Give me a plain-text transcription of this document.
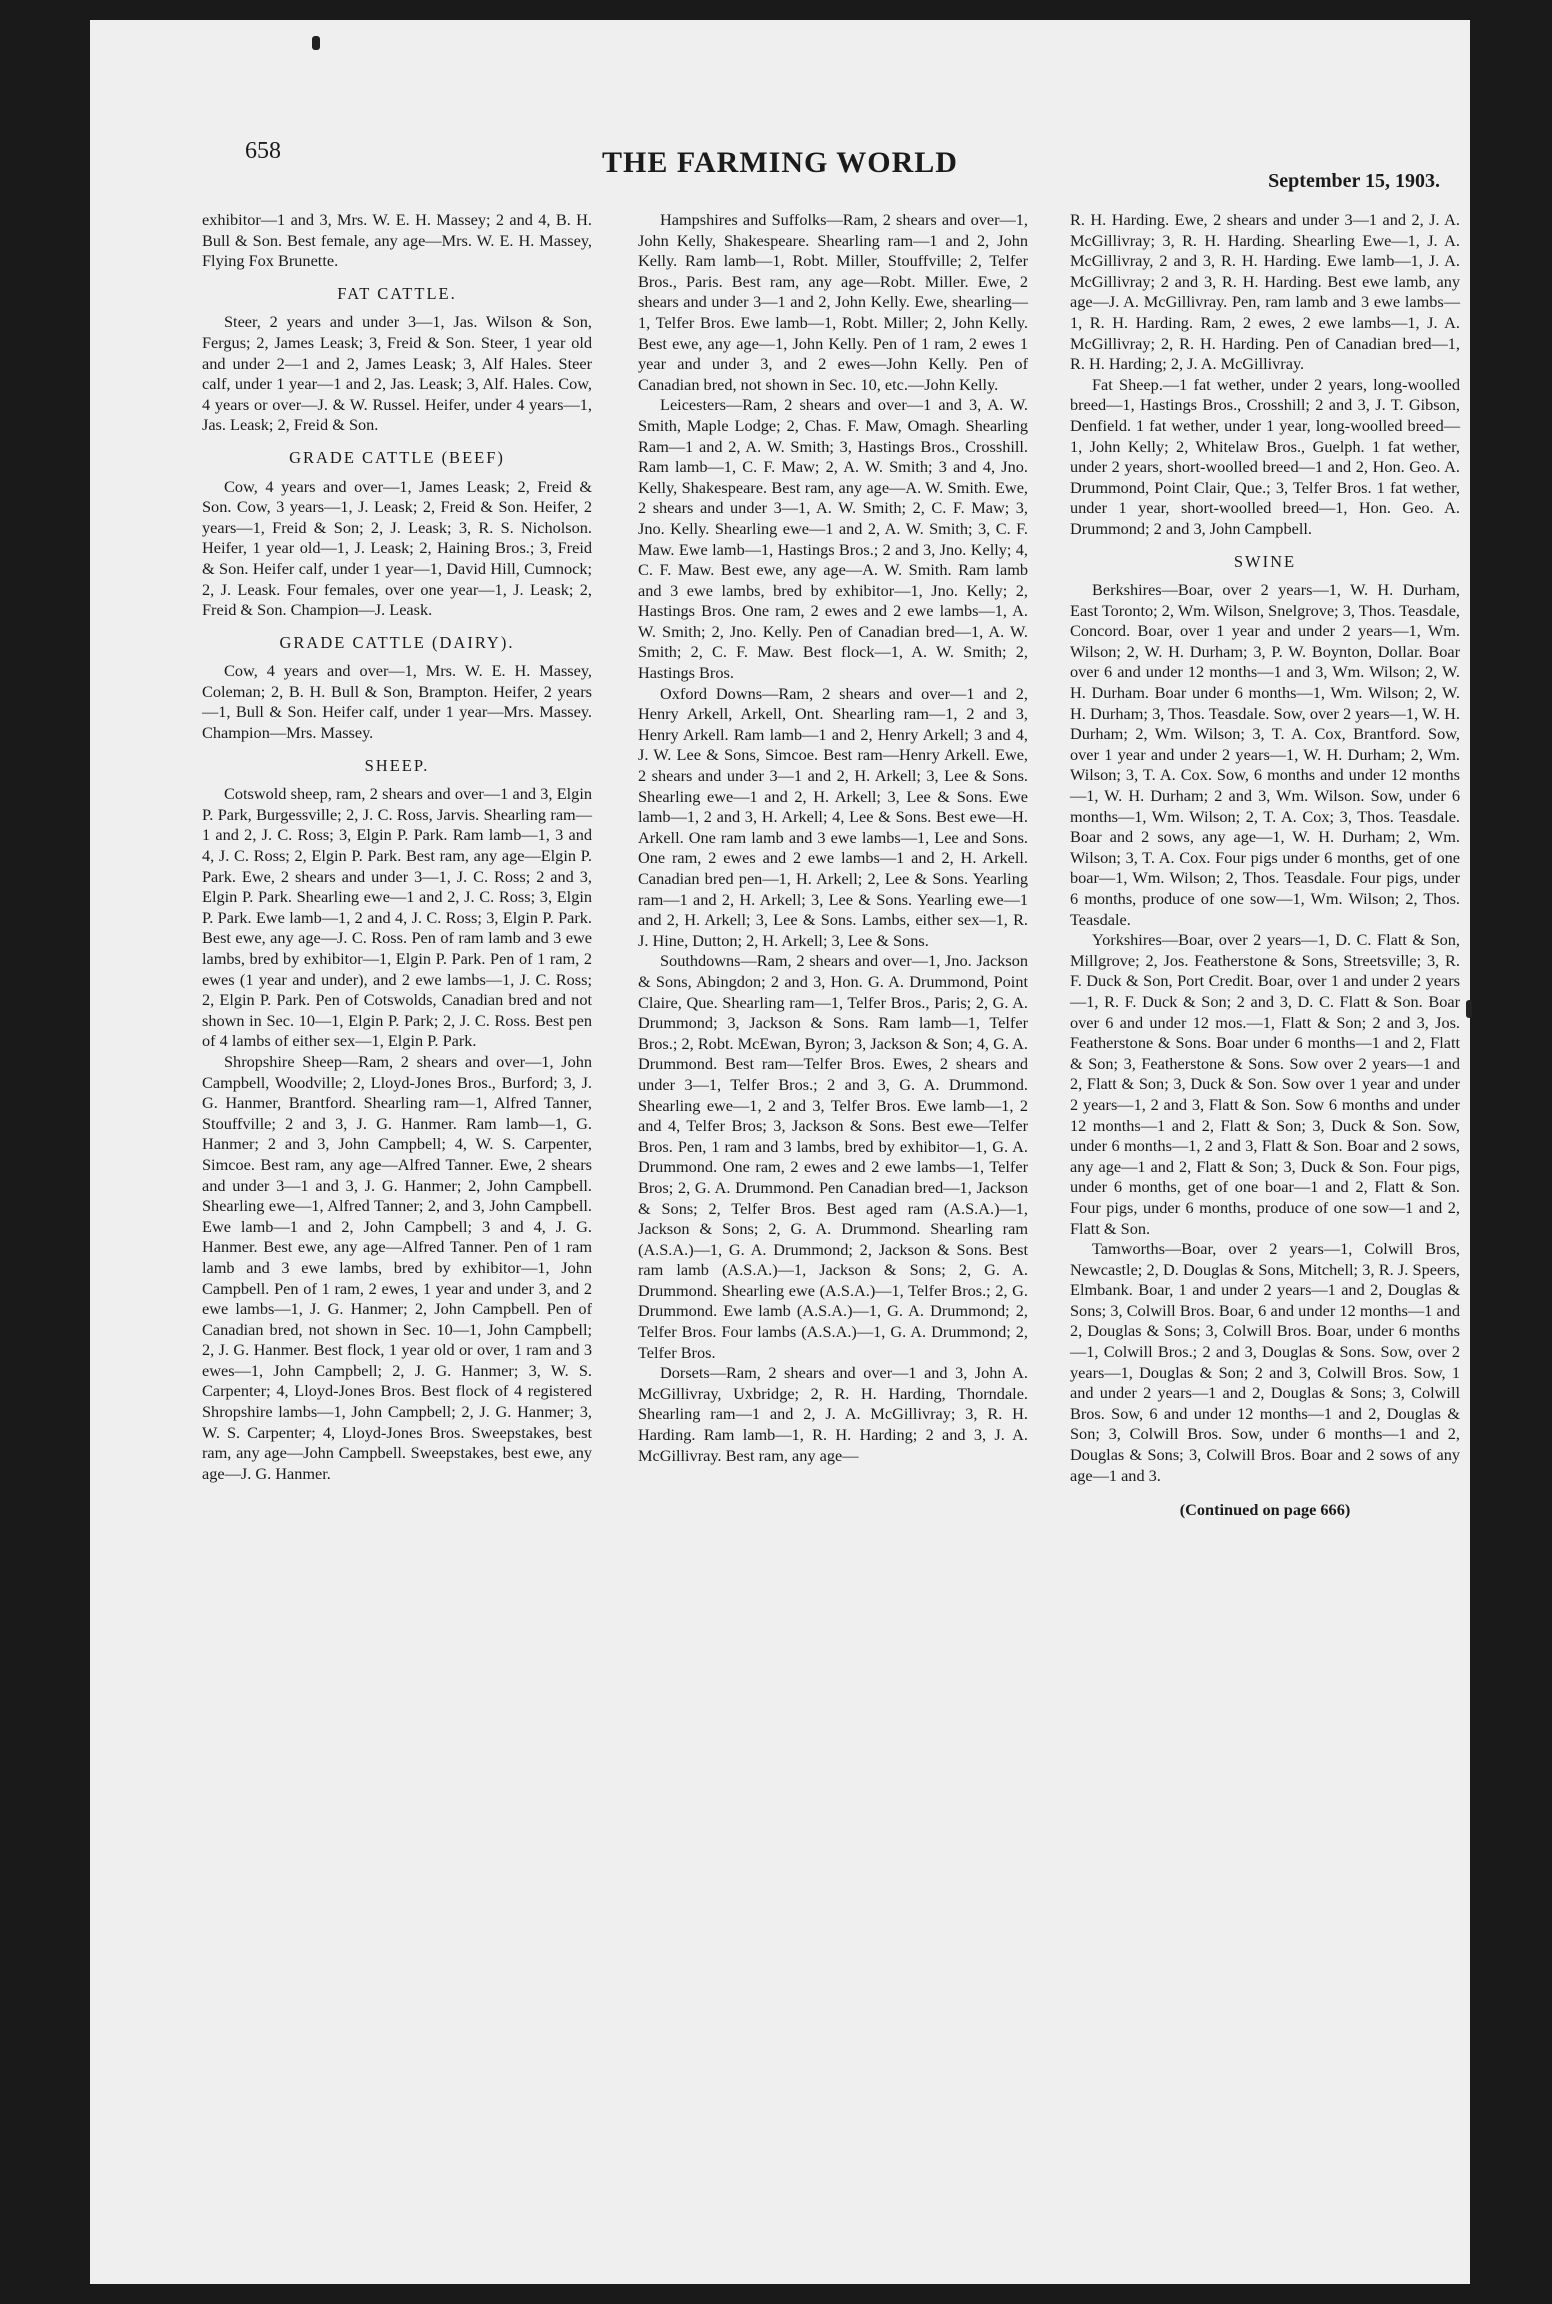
658	THE FARMING WORLD
September 15, 1903.

exhibitor—1 and 3, Mrs. W. E. H. Massey; 2 and 4, B. H. Bull & Son. Best female, any age—Mrs. W. E. H. Massey, Flying Fox Brunette.

FAT CATTLE.

Steer, 2 years and under 3—1, Jas. Wilson & Son, Fergus; 2, James Leask; 3, Freid & Son. Steer, 1 year old and under 2—1 and 2, James Leask; 3, Alf Hales. Steer calf, under 1 year—1 and 2, Jas. Leask; 3, Alf. Hales. Cow, 4 years or over—J. & W. Russel. Heifer, under 4 years—1, Jas. Leask; 2, Freid & Son.

GRADE CATTLE (BEEF)

Cow, 4 years and over—1, James Leask; 2, Freid & Son. Cow, 3 years—1, J. Leask; 2, Freid & Son. Heifer, 2 years—1, Freid & Son; 2, J. Leask; 3, R. S. Nicholson. Heifer, 1 year old—1, J. Leask; 2, Haining Bros.; 3, Freid & Son. Heifer calf, under 1 year—1, David Hill, Cumnock; 2, J. Leask. Four females, over one year—1, J. Leask; 2, Freid & Son. Champion—J. Leask.

GRADE CATTLE (DAIRY).

Cow, 4 years and over—1, Mrs. W. E. H. Massey, Coleman; 2, B. H. Bull & Son, Brampton. Heifer, 2 years—1, Bull & Son. Heifer calf, under 1 year—Mrs. Massey. Champion—Mrs. Massey.

SHEEP.

Cotswold sheep, ram, 2 shears and over—1 and 3, Elgin P. Park, Burgessville; 2, J. C. Ross, Jarvis. Shearling ram—1 and 2, J. C. Ross; 3, Elgin P. Park. Ram lamb—1, 3 and 4, J. C. Ross; 2, Elgin P. Park. Best ram, any age—Elgin P. Park. Ewe, 2 shears and under 3—1, J. C. Ross; 2 and 3, Elgin P. Park. Shearling ewe—1 and 2, J. C. Ross; 3, Elgin P. Park. Ewe lamb—1, 2 and 4, J. C. Ross; 3, Elgin P. Park. Best ewe, any age—J. C. Ross. Pen of ram lamb and 3 ewe lambs, bred by exhibitor—1, Elgin P. Park. Pen of 1 ram, 2 ewes (1 year and under), and 2 ewe lambs—1, J. C. Ross; 2, Elgin P. Park. Pen of Cotswolds, Canadian bred and not shown in Sec. 10—1, Elgin P. Park; 2, J. C. Ross. Best pen of 4 lambs of either sex—1, Elgin P. Park.

Shropshire Sheep—Ram, 2 shears and over—1, John Campbell, Woodville; 2, Lloyd-Jones Bros., Burford; 3, J. G. Hanmer, Brantford. Shearling ram—1, Alfred Tanner, Stouffville; 2 and 3, J. G. Hanmer. Ram lamb—1, G. Hanmer; 2 and 3, John Campbell; 4, W. S. Carpenter, Simcoe. Best ram, any age—Alfred Tanner. Ewe, 2 shears and under 3—1 and 3, J. G. Hanmer; 2, John Campbell. Shearling ewe—1, Alfred Tanner; 2, and 3, John Campbell. Ewe lamb—1 and 2, John Campbell; 3 and 4, J. G. Hanmer. Best ewe, any age—Alfred Tanner. Pen of 1 ram lamb and 3 ewe lambs, bred by exhibitor—1, John Campbell. Pen of 1 ram, 2 ewes, 1 year and under 3, and 2 ewe lambs—1, J. G. Hanmer; 2, John Campbell. Pen of Canadian bred, not shown in Sec. 10—1, John Campbell; 2, J. G. Hanmer. Best flock, 1 year old or over, 1 ram and 3 ewes—1, John Campbell; 2, J. G. Hanmer; 3, W. S. Carpenter; 4, Lloyd-Jones Bros. Best flock of 4 registered Shropshire lambs—1, John Campbell; 2, J. G. Hanmer; 3, W. S. Carpenter; 4, Lloyd-Jones Bros. Sweepstakes, best ram, any age—John Campbell. Sweepstakes, best ewe, any age—J. G. Hanmer.

Hampshires and Suffolks—Ram, 2 shears and over—1, John Kelly, Shakespeare. Shearling ram—1 and 2, John Kelly. Ram lamb—1, Robt. Miller, Stouffville; 2, Telfer Bros., Paris. Best ram, any age—Robt. Miller. Ewe, 2 shears and under 3—1 and 2, John Kelly. Ewe, shearling—1, Telfer Bros. Ewe lamb—1, Robt. Miller; 2, John Kelly. Best ewe, any age—1, John Kelly. Pen of 1 ram, 2 ewes 1 year and under 3, and 2 ewes—John Kelly. Pen of Canadian bred, not shown in Sec. 10, etc.—John Kelly.

Leicesters—Ram, 2 shears and over—1 and 3, A. W. Smith, Maple Lodge; 2, Chas. F. Maw, Omagh. Shearling Ram—1 and 2, A. W. Smith; 3, Hastings Bros., Crosshill. Ram lamb—1, C. F. Maw; 2, A. W. Smith; 3 and 4, Jno. Kelly, Shakespeare. Best ram, any age—A. W. Smith. Ewe, 2 shears and under 3—1, A. W. Smith; 2, C. F. Maw; 3, Jno. Kelly. Shearling ewe—1 and 2, A. W. Smith; 3, C. F. Maw. Ewe lamb—1, Hastings Bros.; 2 and 3, Jno. Kelly; 4, C. F. Maw. Best ewe, any age—A. W. Smith. Ram lamb and 3 ewe lambs, bred by exhibitor—1, Jno. Kelly; 2, Hastings Bros. One ram, 2 ewes and 2 ewe lambs—1, A. W. Smith; 2, Jno. Kelly. Pen of Canadian bred—1, A. W. Smith; 2, C. F. Maw. Best flock—1, A. W. Smith; 2, Hastings Bros.

Oxford Downs—Ram, 2 shears and over—1 and 2, Henry Arkell, Arkell, Ont. Shearling ram—1, 2 and 3, Henry Arkell. Ram lamb—1 and 2, Henry Arkell; 3 and 4, J. W. Lee & Sons, Simcoe. Best ram—Henry Arkell. Ewe, 2 shears and under 3—1 and 2, H. Arkell; 3, Lee & Sons. Shearling ewe—1 and 2, H. Arkell; 3, Lee & Sons. Ewe lamb—1, 2 and 3, H. Arkell; 4, Lee & Sons. Best ewe—H. Arkell. One ram lamb and 3 ewe lambs—1, Lee and Sons. One ram, 2 ewes and 2 ewe lambs—1 and 2, H. Arkell. Canadian bred pen—1, H. Arkell; 2, Lee & Sons. Yearling ram—1 and 2, H. Arkell; 3, Lee & Sons. Yearling ewe—1 and 2, H. Arkell; 3, Lee & Sons. Lambs, either sex—1, R. J. Hine, Dutton; 2, H. Arkell; 3, Lee & Sons.

Southdowns—Ram, 2 shears and over—1, Jno. Jackson & Sons, Abingdon; 2 and 3, Hon. G. A. Drummond, Point Claire, Que. Shearling ram—1, Telfer Bros., Paris; 2, G. A. Drummond; 3, Jackson & Sons. Ram lamb—1, Telfer Bros.; 2, Robt. McEwan, Byron; 3, Jackson & Son; 4, G. A. Drummond. Best ram—Telfer Bros. Ewes, 2 shears and under 3—1, Telfer Bros.; 2 and 3, G. A. Drummond. Shearling ewe—1, 2 and 3, Telfer Bros. Ewe lamb—1, 2 and 4, Telfer Bros; 3, Jackson & Sons. Best ewe—Telfer Bros. Pen, 1 ram and 3 lambs, bred by exhibitor—1, G. A. Drummond. One ram, 2 ewes and 2 ewe lambs—1, Telfer Bros; 2, G. A. Drummond. Pen Canadian bred—1, Jackson & Sons; 2, Telfer Bros. Best aged ram (A.S.A.)—1, Jackson & Sons; 2, G. A. Drummond. Shearling ram (A.S.A.)—1, G. A. Drummond; 2, Jackson & Sons. Best ram lamb (A.S.A.)—1, Jackson & Sons; 2, G. A. Drummond. Shearling ewe (A.S.A.)—1, Telfer Bros.; 2, G. Drummond. Ewe lamb (A.S.A.)—1, G. A. Drummond; 2, Telfer Bros. Four lambs (A.S.A.)—1, G. A. Drummond; 2, Telfer Bros.

Dorsets—Ram, 2 shears and over—1 and 3, John A. McGillivray, Uxbridge; 2, R. H. Harding, Thorndale. Shearling ram—1 and 2, J. A. McGillivray; 3, R. H. Harding. Ram lamb—1, R. H. Harding; 2 and 3, J. A. McGillivray. Best ram, any age—

R. H. Harding. Ewe, 2 shears and under 3—1 and 2, J. A. McGillivray; 3, R. H. Harding. Shearling Ewe—1, J. A. McGillivray, 2 and 3, R. H. Harding. Ewe lamb—1, J. A. McGillivray; 2 and 3, R. H. Harding. Best ewe lamb, any age—J. A. McGillivray. Pen, ram lamb and 3 ewe lambs—1, R. H. Harding. Ram, 2 ewes, 2 ewe lambs—1, J. A. McGillivray; 2, R. H. Harding. Pen of Canadian bred—1, R. H. Harding; 2, J. A. McGillivray.

Fat Sheep.—1 fat wether, under 2 years, long-woolled breed—1, Hastings Bros., Crosshill; 2 and 3, J. T. Gibson, Denfield. 1 fat wether, under 1 year, long-woolled breed—1, John Kelly; 2, Whitelaw Bros., Guelph. 1 fat wether, under 2 years, short-woolled breed—1 and 2, Hon. Geo. A. Drummond, Point Clair, Que.; 3, Telfer Bros. 1 fat wether, under 1 year, short-woolled breed—1, Hon. Geo. A. Drummond; 2 and 3, John Campbell.

SWINE

Berkshires—Boar, over 2 years—1, W. H. Durham, East Toronto; 2, Wm. Wilson, Snelgrove; 3, Thos. Teasdale, Concord. Boar, over 1 year and under 2 years—1, Wm. Wilson; 2, W. H. Durham; 3, P. W. Boynton, Dollar. Boar over 6 and under 12 months—1 and 3, Wm. Wilson; 2, W. H. Durham. Boar under 6 months—1, Wm. Wilson; 2, W. H. Durham; 3, Thos. Teasdale. Sow, over 2 years—1, W. H. Durham; 2, Wm. Wilson; 3, T. A. Cox, Brantford. Sow, over 1 year and under 2 years—1, W. H. Durham; 2, Wm. Wilson; 3, T. A. Cox. Sow, 6 months and under 12 months—1, W. H. Durham; 2 and 3, Wm. Wilson. Sow, under 6 months—1, Wm. Wilson; 2, T. A. Cox; 3, Thos. Teasdale. Boar and 2 sows, any age—1, W. H. Durham; 2, Wm. Wilson; 3, T. A. Cox. Four pigs under 6 months, get of one boar—1, Wm. Wilson; 2, Thos. Teasdale. Four pigs, under 6 months, produce of one sow—1, Wm. Wilson; 2, Thos. Teasdale.

Yorkshires—Boar, over 2 years—1, D. C. Flatt & Son, Millgrove; 2, Jos. Featherstone & Sons, Streetsville; 3, R. F. Duck & Son, Port Credit. Boar, over 1 and under 2 years—1, R. F. Duck & Son; 2 and 3, D. C. Flatt & Son. Boar over 6 and under 12 mos.—1, Flatt & Son; 2 and 3, Jos. Featherstone & Sons. Boar under 6 months—1 and 2, Flatt & Son; 3, Featherstone & Sons. Sow over 2 years—1 and 2, Flatt & Son; 3, Duck & Son. Sow over 1 year and under 2 years—1, 2 and 3, Flatt & Son. Sow 6 months and under 12 months—1 and 2, Flatt & Son; 3, Duck & Son. Sow, under 6 months—1, 2 and 3, Flatt & Son. Boar and 2 sows, any age—1 and 2, Flatt & Son; 3, Duck & Son. Four pigs, under 6 months, get of one boar—1 and 2, Flatt & Son. Four pigs, under 6 months, produce of one sow—1 and 2, Flatt & Son.

Tamworths—Boar, over 2 years—1, Colwill Bros, Newcastle; 2, D. Douglas & Sons, Mitchell; 3, R. J. Speers, Elmbank. Boar, 1 and under 2 years—1 and 2, Douglas & Sons; 3, Colwill Bros. Boar, 6 and under 12 months—1 and 2, Douglas & Sons; 3, Colwill Bros. Boar, under 6 months—1, Colwill Bros.; 2 and 3, Douglas & Sons. Sow, over 2 years—1, Douglas & Son; 2 and 3, Colwill Bros. Sow, 1 and under 2 years—1 and 2, Douglas & Sons; 3, Colwill Bros. Sow, 6 and under 12 months—1 and 2, Douglas & Son; 3, Colwill Bros. Sow, under 6 months—1 and 2, Douglas & Sons; 3, Colwill Bros. Boar and 2 sows of any age—1 and 3.

(Continued on page 666)
